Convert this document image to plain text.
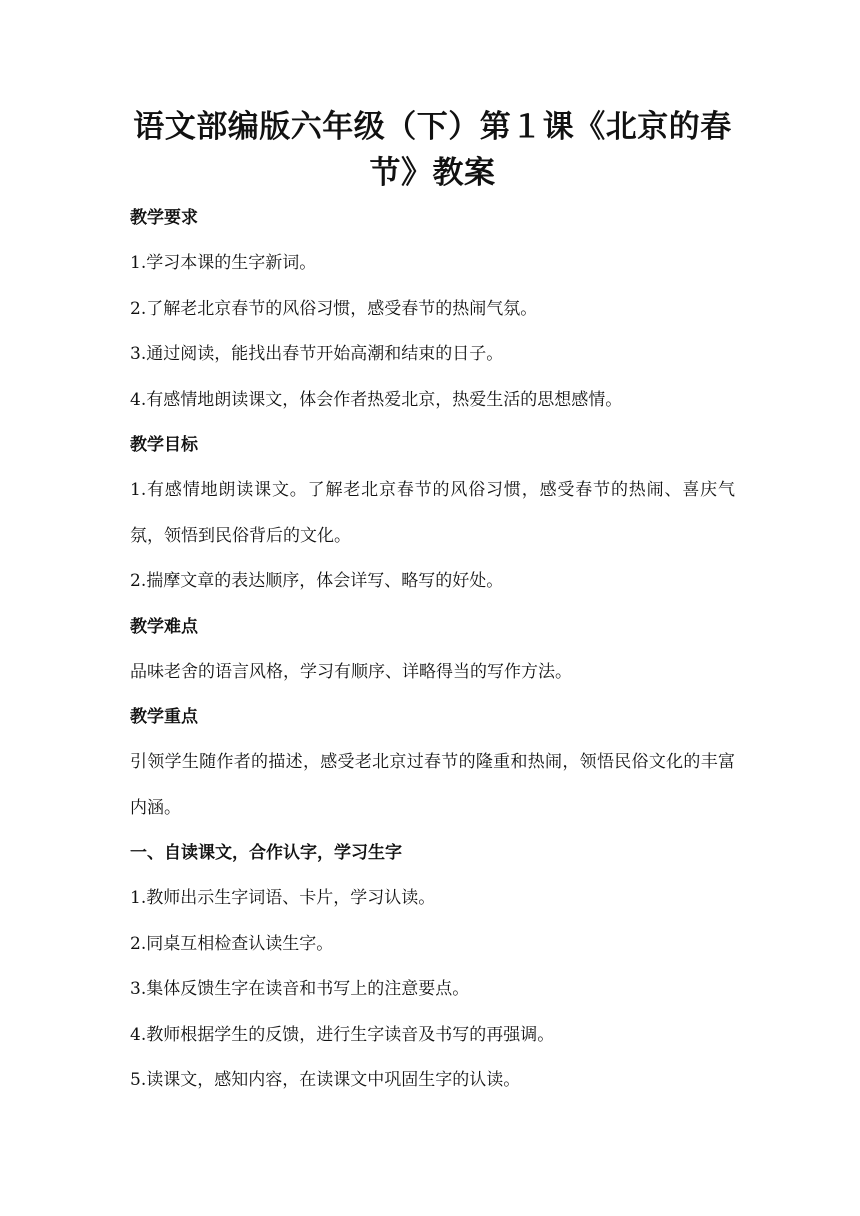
语文部编版六年级（下）第１课《北京的春节》教案
教学要求
1.学习本课的生字新词。
2.了解老北京春节的风俗习惯，感受春节的热闹气氛。
3.通过阅读，能找出春节开始高潮和结束的日子。
4.有感情地朗读课文，体会作者热爱北京，热爱生活的思想感情。
教学目标
1.有感情地朗读课文。了解老北京春节的风俗习惯，感受春节的热闹、喜庆气氛，领悟到民俗背后的文化。
2.揣摩文章的表达顺序，体会详写、略写的好处。
教学难点
品味老舍的语言风格，学习有顺序、详略得当的写作方法。
教学重点
引领学生随作者的描述，感受老北京过春节的隆重和热闹，领悟民俗文化的丰富内涵。
一、自读课文，合作认字，学习生字
1.教师出示生字词语、卡片，学习认读。
2.同桌互相检查认读生字。
3.集体反馈生字在读音和书写上的注意要点。
4.教师根据学生的反馈，进行生字读音及书写的再强调。
5.读课文，感知内容，在读课文中巩固生字的认读。
